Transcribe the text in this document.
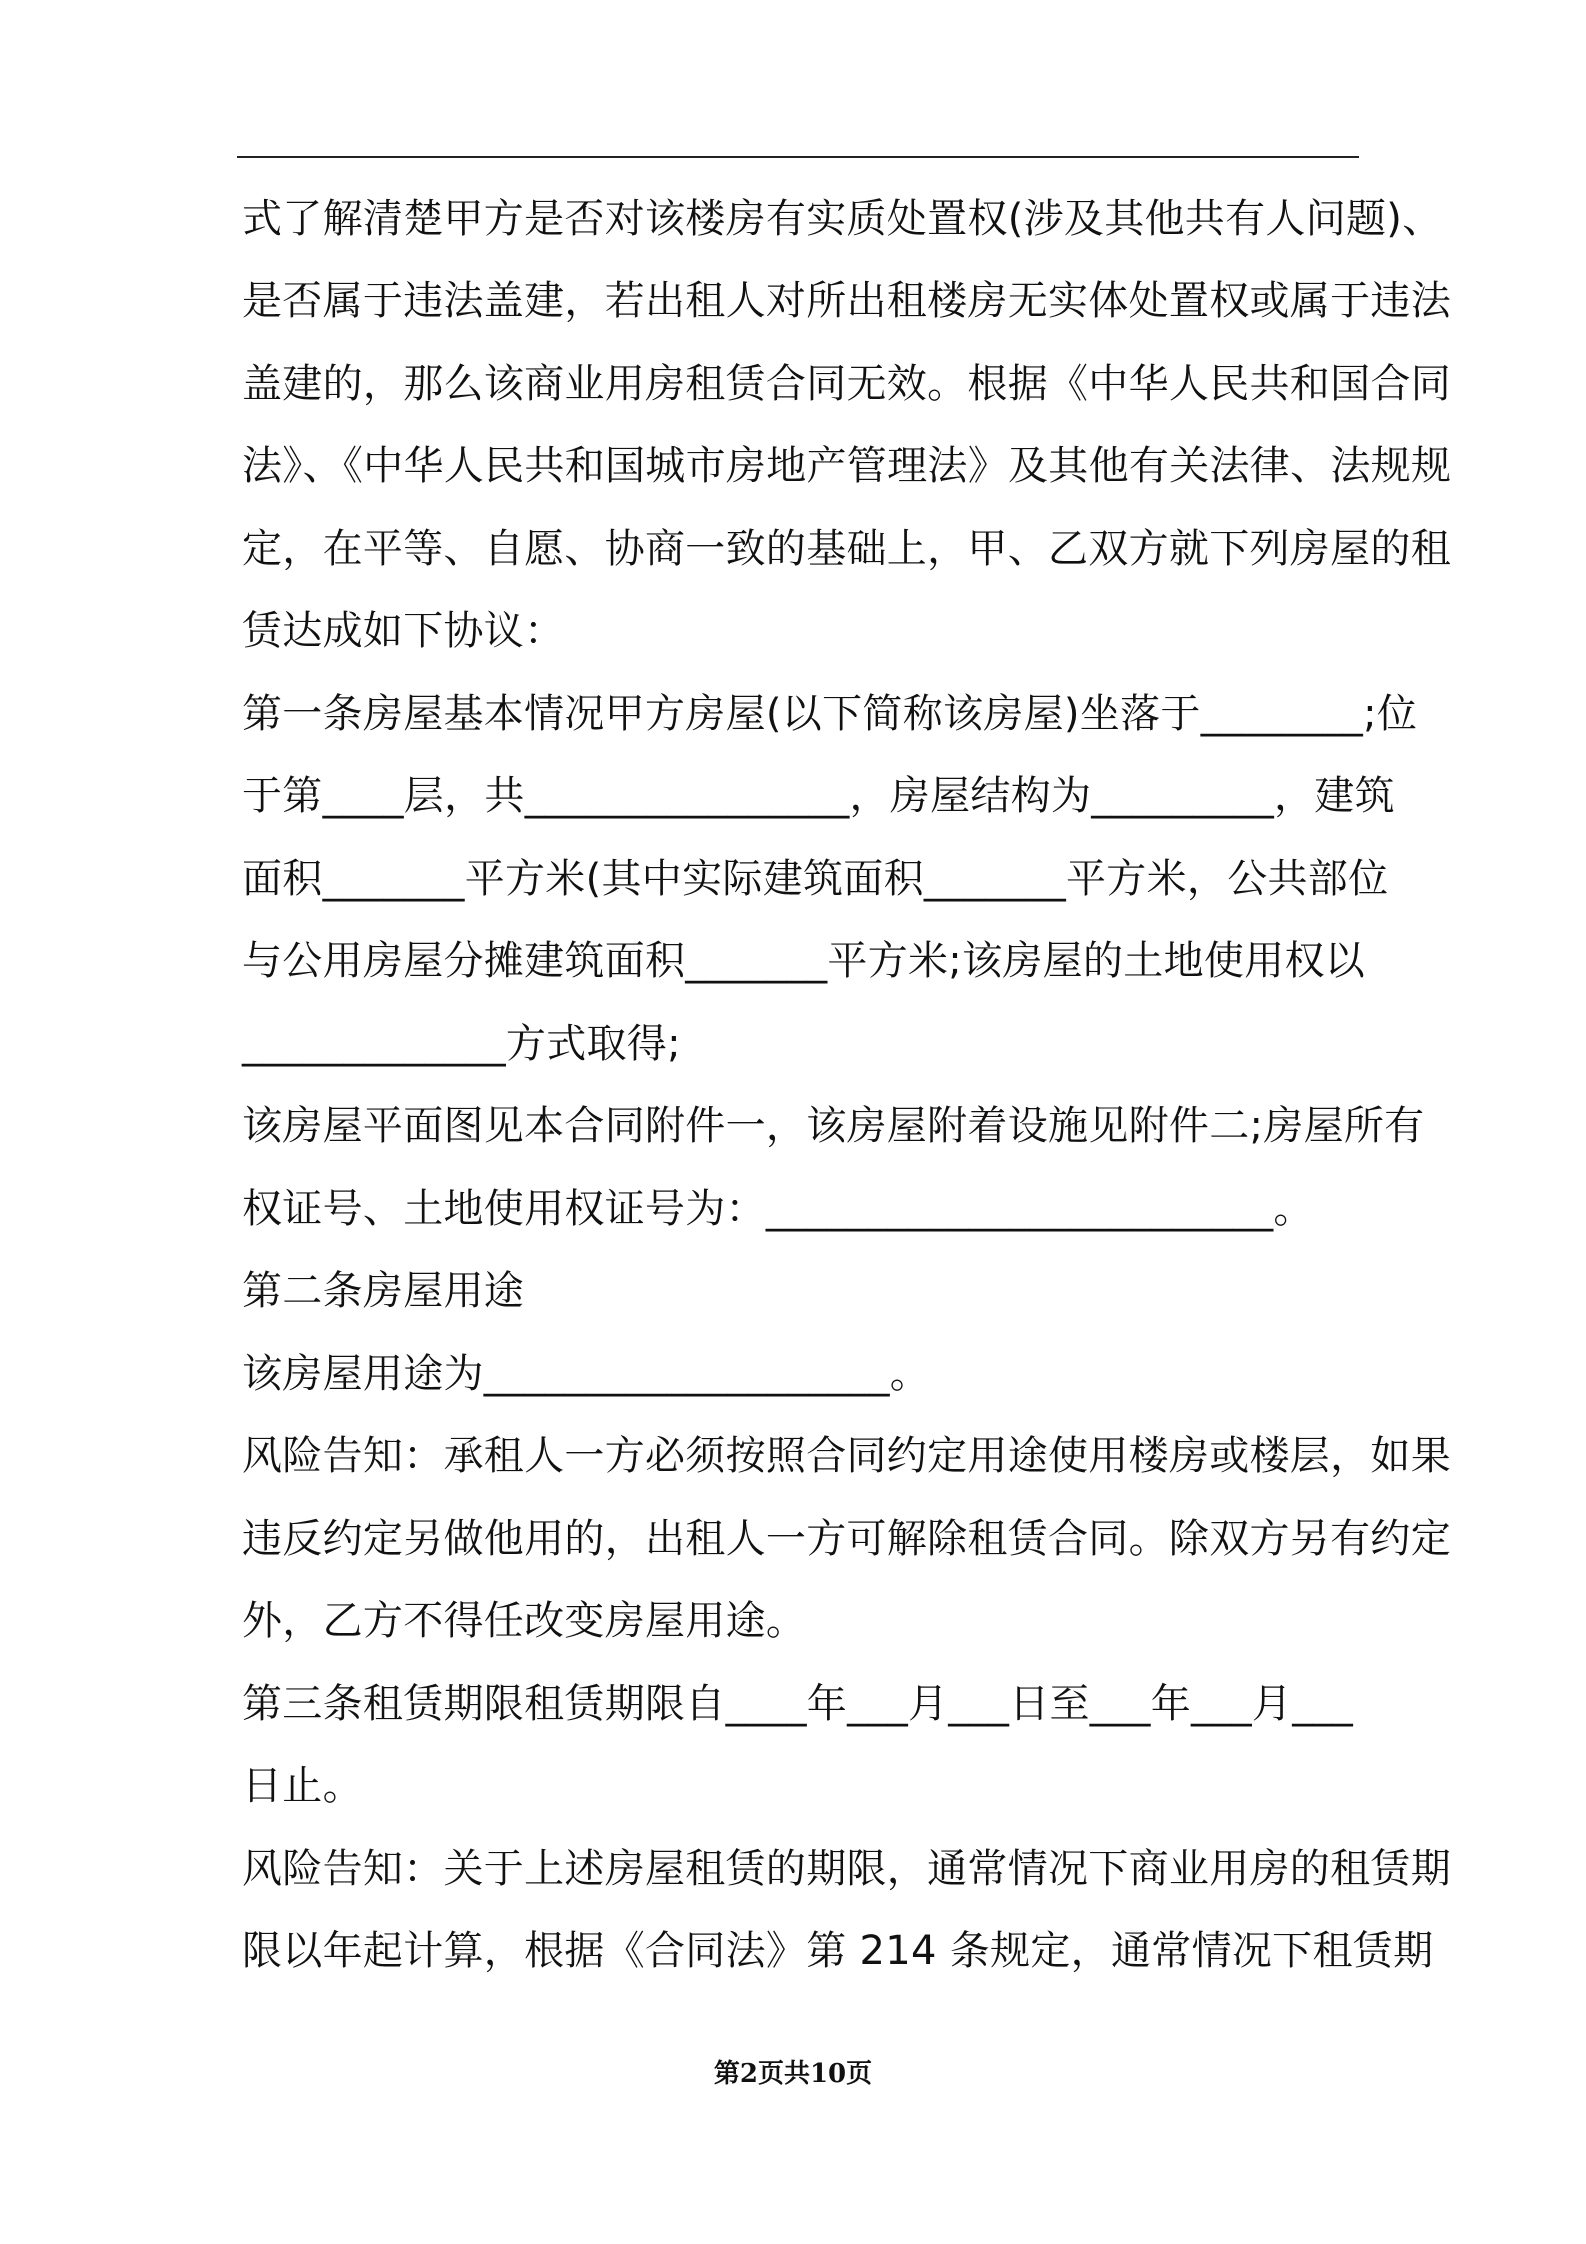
式了解清楚甲方是否对该楼房有实质处置权(涉及其他共有人问题)、
是否属于违法盖建，若出租人对所出租楼房无实体处置权或属于违法
盖建的，那么该商业用房租赁合同无效。根据《中华人民共和国合同
法》、《中华人民共和国城市房地产管理法》及其他有关法律、法规规
定，在平等、自愿、协商一致的基础上，甲、乙双方就下列房屋的租
赁达成如下协议：
第一条房屋基本情况甲方房屋(以下简称该房屋)坐落于________;位
于第____层，共________________，房屋结构为_________，建筑
面积_______平方米(其中实际建筑面积_______平方米，公共部位
与公用房屋分摊建筑面积_______平方米;该房屋的土地使用权以
_____________方式取得;
该房屋平面图见本合同附件一，该房屋附着设施见附件二;房屋所有
权证号、土地使用权证号为：_________________________。
第二条房屋用途
该房屋用途为____________________。
风险告知：承租人一方必须按照合同约定用途使用楼房或楼层，如果
违反约定另做他用的，出租人一方可解除租赁合同。除双方另有约定
外，乙方不得任改变房屋用途。
第三条租赁期限租赁期限自____年___月___日至___年___月___
日止。
风险告知：关于上述房屋租赁的期限，通常情况下商业用房的租赁期
限以年起计算，根据《合同法》第 214 条规定，通常情况下租赁期
第2页共10页
